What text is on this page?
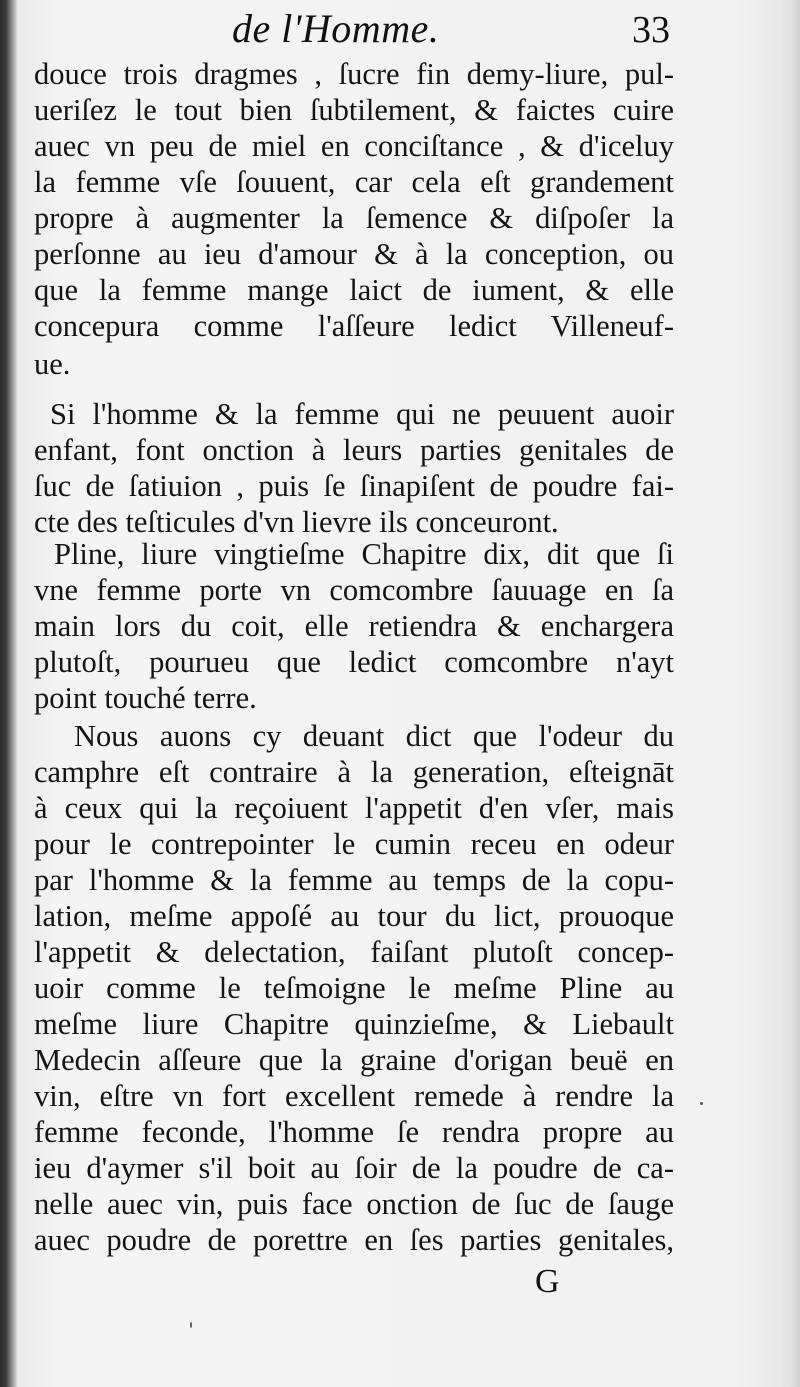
de l'Homme.	33
douce trois dragmes , ſucre fin demy-liure, pul-
ueriſez le tout bien ſubtilement, & faictes cuire
auec vn peu de miel en conciſtance , & d'iceluy
la femme vſe ſouuent, car cela eſt grandement
propre à augmenter la ſemence & diſpoſer la
perſonne au ieu d'amour & à la conception, ou
que la femme mange laict de iument, & elle
concepura comme l'aſſeure ledict Villeneuf-
ue.
Si l'homme & la femme qui ne peuuent auoir
enfant, font onction à leurs parties genitales de
ſuc de ſatiuion , puis ſe ſinapiſent de poudre fai-
cte des teſticules d'vn lievre ils conceuront.
Pline, liure vingtieſme Chapitre dix, dit que ſi
vne femme porte vn comcombre ſauuage en ſa
main lors du coit, elle retiendra & enchargera
plutoſt, pourueu que ledict comcombre n'ayt
point touché terre.
Nous auons cy deuant dict que l'odeur du
camphre eſt contraire à la generation, eſteignāt
à ceux qui la reçoiuent l'appetit d'en vſer, mais
pour le contrepointer le cumin receu en odeur
par l'homme & la femme au temps de la copu-
lation, meſme appoſé au tour du lict, prouoque
l'appetit & delectation, faiſant plutoſt concep-
uoir comme le teſmoigne le meſme Pline au
meſme liure Chapitre quinzieſme, & Liebault
Medecin aſſeure que la graine d'origan beuë en
vin, eſtre vn fort excellent remede à rendre la
femme feconde, l'homme ſe rendra propre au
ieu d'aymer s'il boit au ſoir de la poudre de ca-
nelle auec vin, puis face onction de ſuc de ſauge
auec poudre de porettre en ſes parties genitales,
G
